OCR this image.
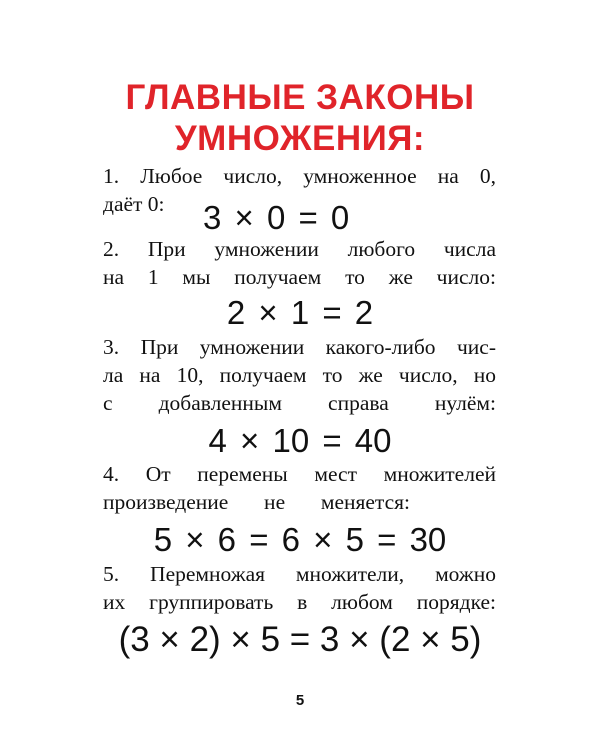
ГЛАВНЫЕ ЗАКОНЫ
УМНОЖЕНИЯ:
1. Любое число, умноженное на 0,
даёт 0:	3 × 0 = 0
2. При умножении любого числа
на 1 мы получаем то же число:
2 × 1 = 2
3. При умножении какого-либо чис-
ла на 10, получаем то же число, но
с добавленным справа нулём:
4 × 10 = 40
4. От перемены мест множителей
произведение не меняется:
5 × 6 = 6 × 5 = 30
5. Перемножая множители, можно
их группировать в любом порядке:
(3 × 2) × 5 = 3 × (2 × 5)
5
